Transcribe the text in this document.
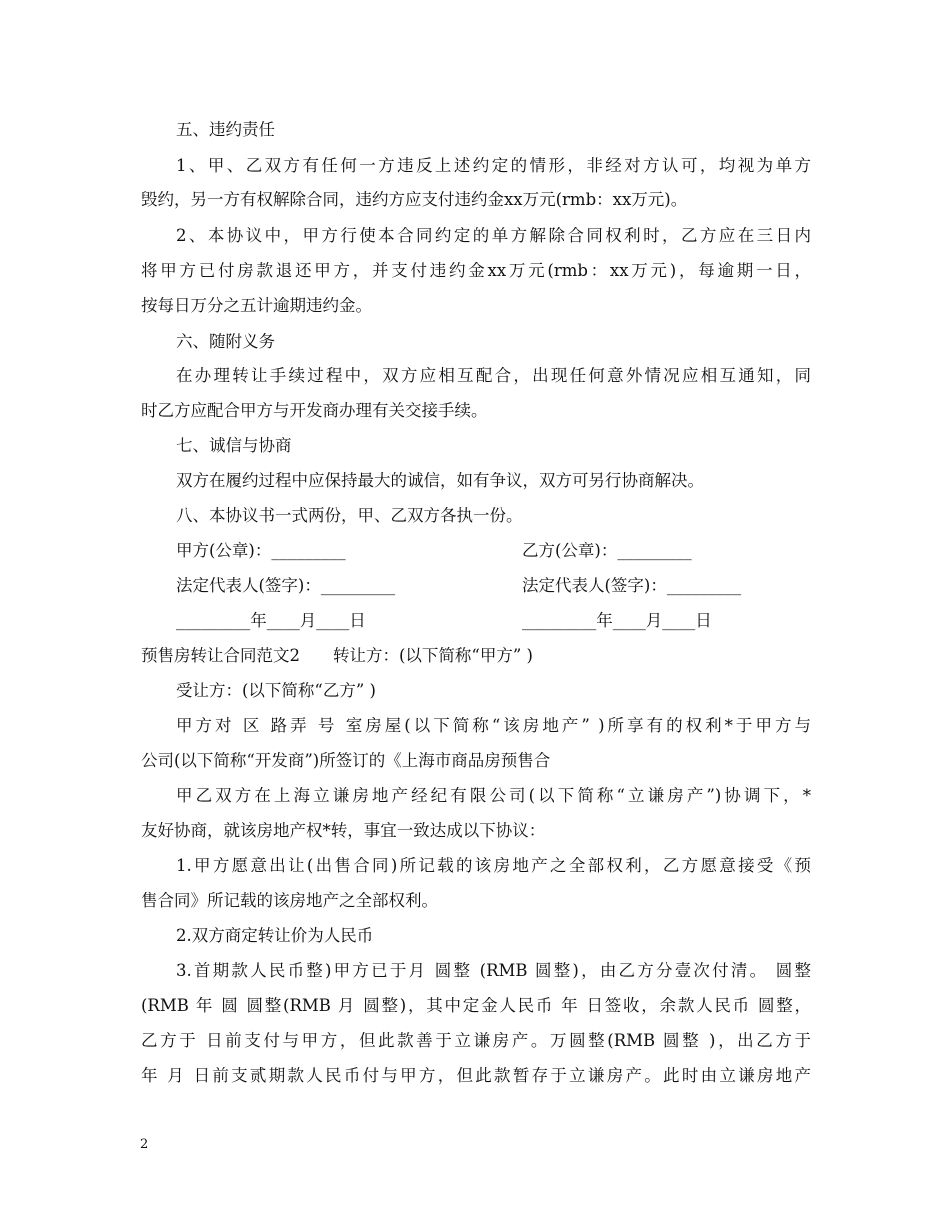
五、违约责任
1、甲、乙双方有任何一方违反上述约定的情形，非经对方认可，均视为单方
毁约，另一方有权解除合同，违约方应支付违约金xx万元(rmb：xx万元)。
2、本协议中，甲方行使本合同约定的单方解除合同权利时，乙方应在三日内
将甲方已付房款退还甲方，并支付违约金xx万元(rmb：xx万元)，每逾期一日，
按每日万分之五计逾期违约金。
六、随附义务
在办理转让手续过程中，双方应相互配合，出现任何意外情况应相互通知，同
时乙方应配合甲方与开发商办理有关交接手续。
七、诚信与协商
双方在履约过程中应保持最大的诚信，如有争议，双方可另行协商解决。
八、本协议书一式两份，甲、乙双方各执一份。
甲方(公章)：_________	乙方(公章)：_________
法定代表人(签字)：_________	法定代表人(签字)：_________
_________年____月____日	_________年____月____日
预售房转让合同范文2　　转让方：(以下简称“甲方” )
受让方：(以下简称“乙方” )
甲方对 区 路弄 号 室房屋(以下简称“该房地产” )所享有的权利*于甲方与
公司(以下简称“开发商”)所签订的《上海市商品房预售合
甲乙双方在上海立谦房地产经纪有限公司(以下简称“立谦房产”)协调下，*
友好协商，就该房地产权*转，事宜一致达成以下协议：
1.甲方愿意出让(出售合同)所记载的该房地产之全部权利，乙方愿意接受《预
售合同》所记载的该房地产之全部权利。
2.双方商定转让价为人民币
3.首期款人民币整)甲方已于月 圆整 (RMB 圆整)，由乙方分壹次付清。 圆整
(RMB 年 圆 圆整(RMB 月 圆整)，其中定金人民币 年 日签收，余款人民币 圆整，
乙方于 日前支付与甲方，但此款善于立谦房产。万圆整(RMB 圆整 )，出乙方于
年 月 日前支贰期款人民币付与甲方，但此款暂存于立谦房产。此时由立谦房地产
2
